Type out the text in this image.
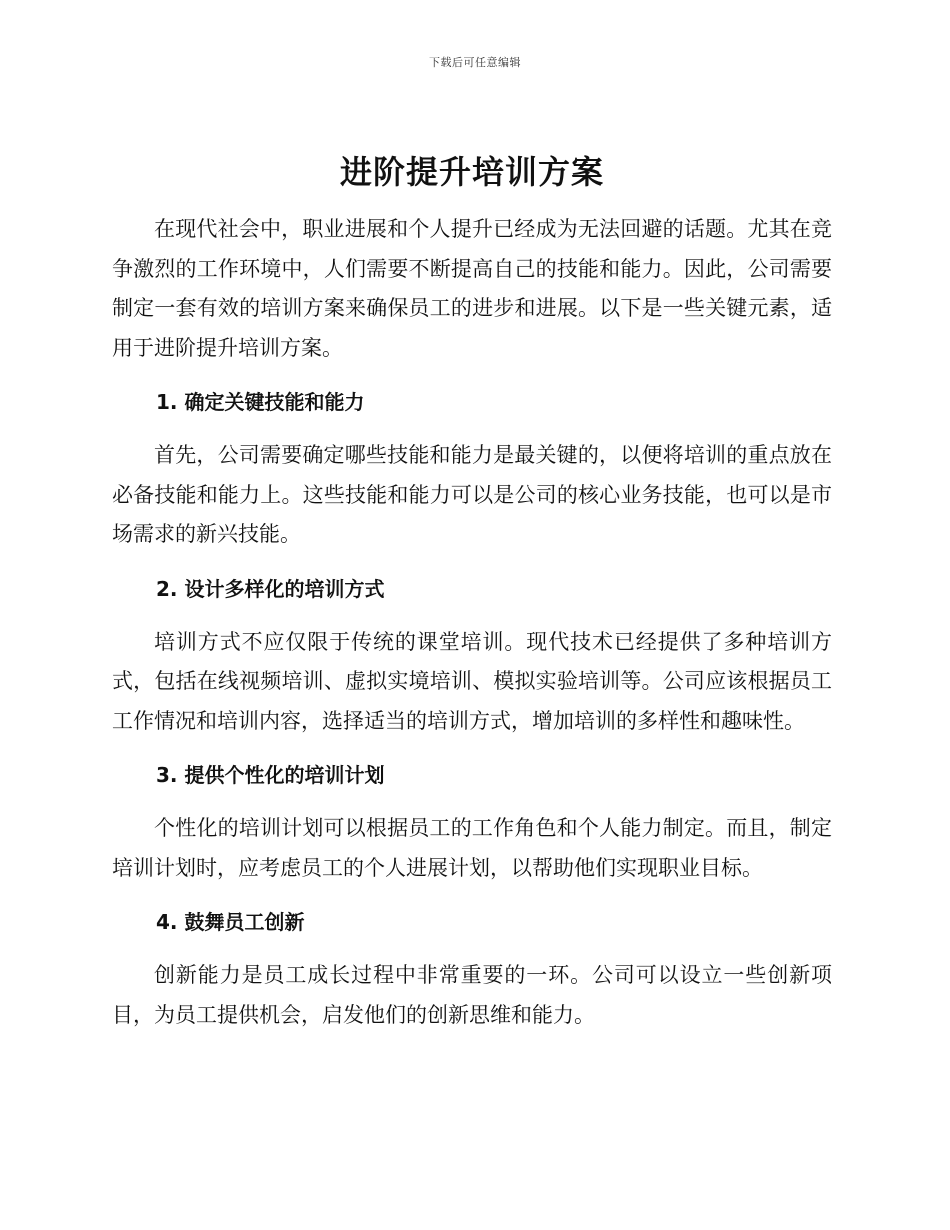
下载后可任意编辑
进阶提升培训方案

在现代社会中，职业进展和个人提升已经成为无法回避的话题。尤其在竞争激烈的工作环境中，人们需要不断提高自己的技能和能力。因此，公司需要制定一套有效的培训方案来确保员工的进步和进展。以下是一些关键元素，适用于进阶提升培训方案。

1. 确定关键技能和能力

首先，公司需要确定哪些技能和能力是最关键的，以便将培训的重点放在必备技能和能力上。这些技能和能力可以是公司的核心业务技能，也可以是市场需求的新兴技能。

2. 设计多样化的培训方式

培训方式不应仅限于传统的课堂培训。现代技术已经提供了多种培训方式，包括在线视频培训、虚拟实境培训、模拟实验培训等。公司应该根据员工工作情况和培训内容，选择适当的培训方式，增加培训的多样性和趣味性。

3. 提供个性化的培训计划

个性化的培训计划可以根据员工的工作角色和个人能力制定。而且，制定培训计划时，应考虑员工的个人进展计划，以帮助他们实现职业目标。

4. 鼓舞员工创新

创新能力是员工成长过程中非常重要的一环。公司可以设立一些创新项目，为员工提供机会，启发他们的创新思维和能力。
